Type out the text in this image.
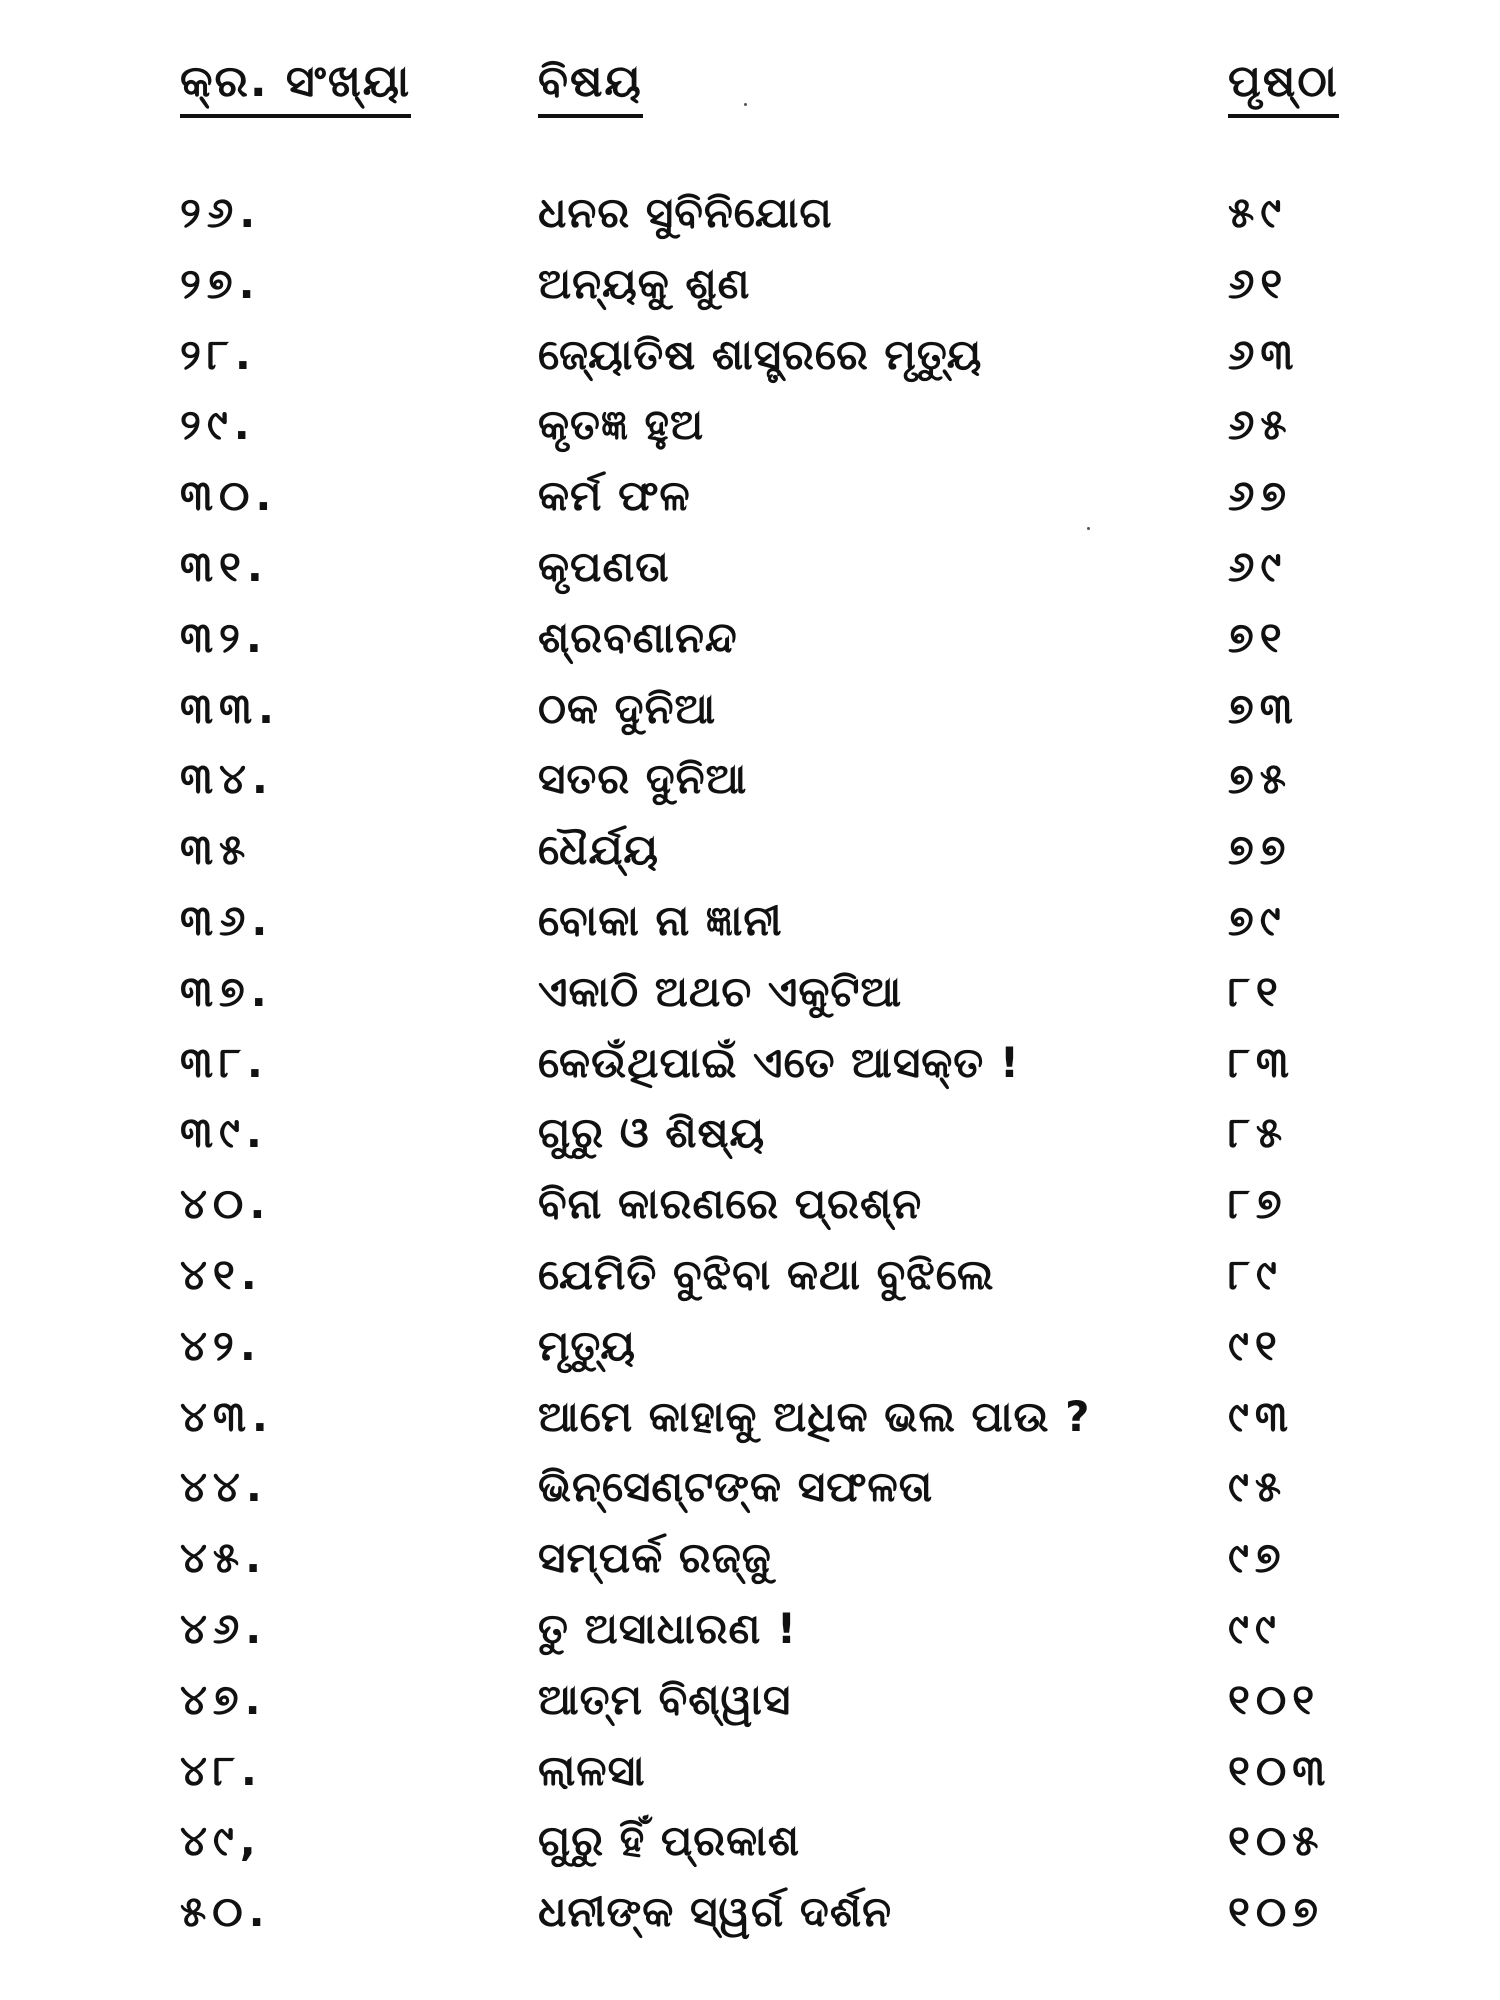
କ୍ର. ସଂଖ୍ୟା	ବିଷୟ	ପୃଷ୍ଠା
୨୬.	ଧନର ସୁବିନିଯୋଗ	୫୯
୨୭.	ଅନ୍ୟକୁ ଶୁଣ	୬୧
୨୮.	ଜ୍ୟୋତିଷ ଶାସ୍ତ୍ରରେ ମୃତ୍ୟୁ	୬୩
୨୯.	କୃତଜ୍ଞ ହୁଅ	୬୫
୩୦.	କର୍ମ ଫଳ	୬୭
୩୧.	କୃପଣତା	୬୯
୩୨.	ଶ୍ରବଣାନନ୍ଦ	୭୧
୩୩.	ଠକ ଦୁନିଆ	୭୩
୩୪.	ସତର ଦୁନିଆ	୭୫
୩୫	ଧୈର୍ଯ୍ୟ	୭୭
୩୬.	ବୋକା ନା ଜ୍ଞାନୀ	୭୯
୩୭.	ଏକାଠି ଅଥଚ ଏକୁଟିଆ	୮୧
୩୮.	କେଉଁଥିପାଇଁ ଏତେ ଆସକ୍ତ !	୮୩
୩୯.	ଗୁରୁ ଓ ଶିଷ୍ୟ	୮୫
୪୦.	ବିନା କାରଣରେ ପ୍ରଶ୍ନ	୮୭
୪୧.	ଯେମିତି ବୁଝିବା କଥା ବୁଝିଲେ	୮୯
୪୨.	ମୃତ୍ୟୁ	୯୧
୪୩.	ଆମେ କାହାକୁ ଅଧିକ ଭଲ ପାଉ ?	୯୩
୪୪.	ଭିନ୍‌ସେଣ୍ଟଙ୍କ ସଫଳତା	୯୫
୪୫.	ସମ୍ପର୍କ ରଜ୍ଜୁ	୯୭
୪୬.	ତୁ ଅସାଧାରଣ !	୯୯
୪୭.	ଆତ୍ମ ବିଶ୍ୱାସ	୧୦୧
୪୮.	ଲାଳସା	୧୦୩
୪୯,	ଗୁରୁ ହିଁ ପ୍ରକାଶ	୧୦୫
୫୦.	ଧନୀଙ୍କ ସ୍ୱର୍ଗ ଦର୍ଶନ	୧୦୭
